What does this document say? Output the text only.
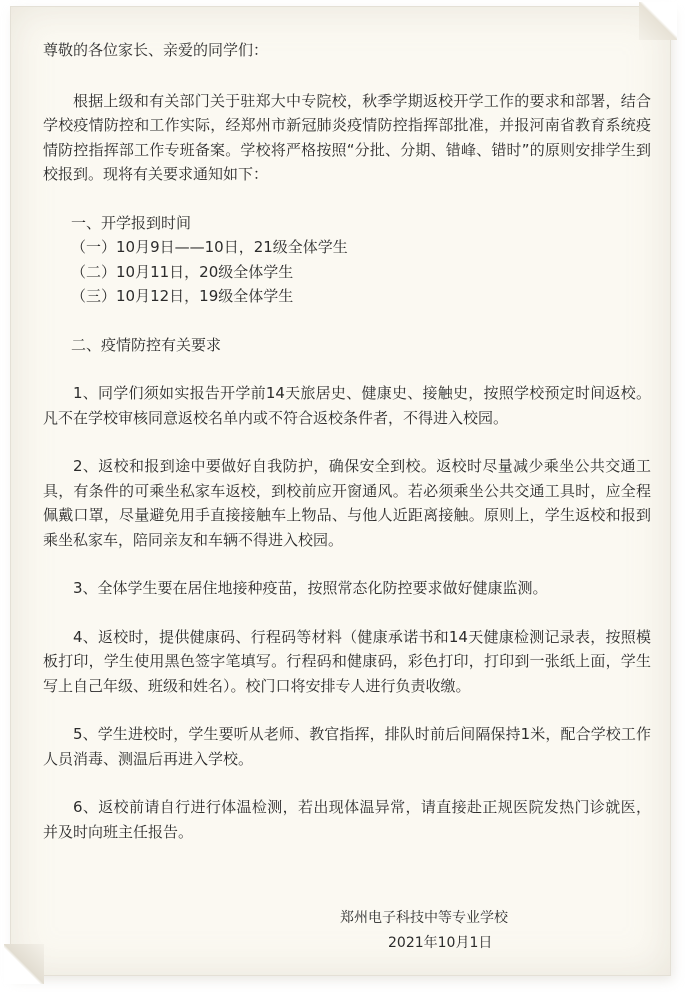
尊敬的各位家长、亲爱的同学们：

根据上级和有关部门关于驻郑大中专院校，秋季学期返校开学工作的要求和部署，结合学校疫情防控和工作实际，经郑州市新冠肺炎疫情防控指挥部批准，并报河南省教育系统疫情防控指挥部工作专班备案。学校将严格按照“分批、分期、错峰、错时”的原则安排学生到校报到。现将有关要求通知如下：

一、开学报到时间

（一）10月9日——10日，21级全体学生

（二）10月11日，20级全体学生

（三）10月12日，19级全体学生

二、疫情防控有关要求

1、同学们须如实报告开学前14天旅居史、健康史、接触史，按照学校预定时间返校。凡不在学校审核同意返校名单内或不符合返校条件者，不得进入校园。

2、返校和报到途中要做好自我防护，确保安全到校。返校时尽量减少乘坐公共交通工具，有条件的可乘坐私家车返校，到校前应开窗通风。若必须乘坐公共交通工具时，应全程佩戴口罩，尽量避免用手直接接触车上物品、与他人近距离接触。原则上，学生返校和报到乘坐私家车，陪同亲友和车辆不得进入校园。

3、全体学生要在居住地接种疫苗，按照常态化防控要求做好健康监测。

4、返校时，提供健康码、行程码等材料（健康承诺书和14天健康检测记录表，按照模板打印，学生使用黑色签字笔填写。行程码和健康码，彩色打印，打印到一张纸上面，学生写上自己年级、班级和姓名）。校门口将安排专人进行负责收缴。

5、学生进校时，学生要听从老师、教官指挥，排队时前后间隔保持1米，配合学校工作人员消毒、测温后再进入学校。

6、返校前请自行进行体温检测，若出现体温异常，请直接赴正规医院发热门诊就医，并及时向班主任报告。

郑州电子科技中等专业学校
2021年10月1日
